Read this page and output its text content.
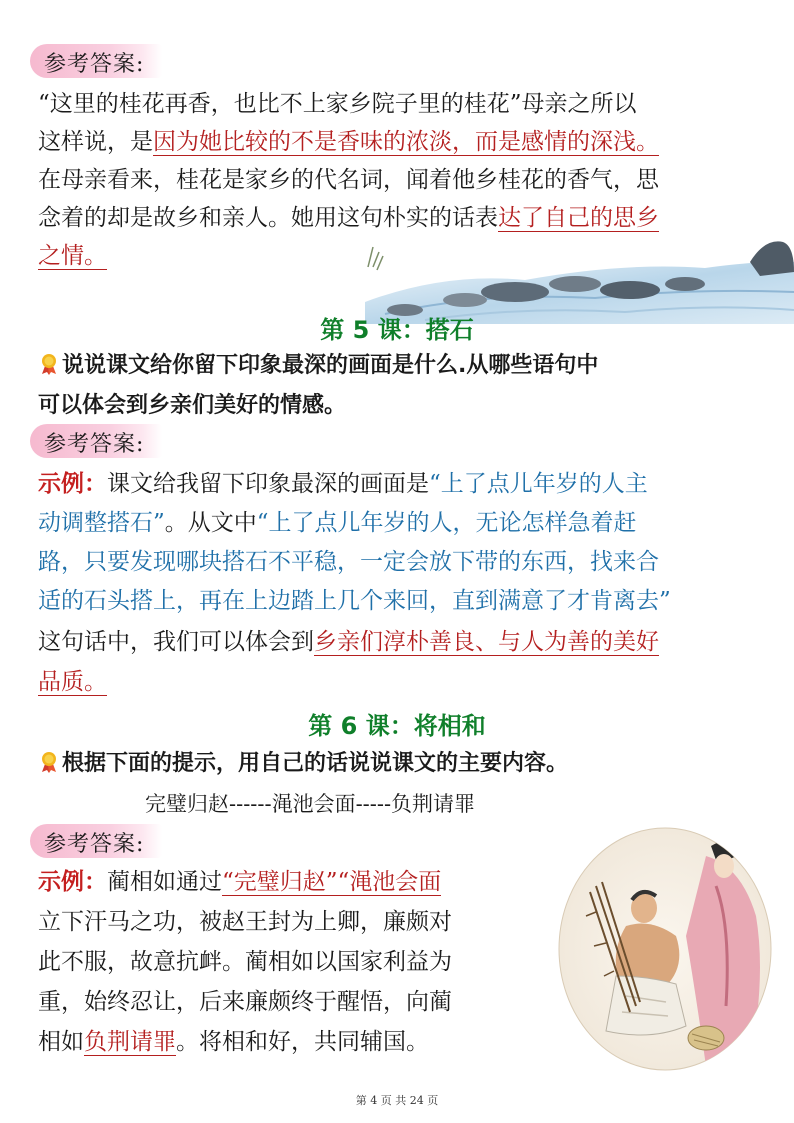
参考答案:
“这里的桂花再香，也比不上家乡院子里的桂花”母亲之所以
这样说，是因为她比较的不是香味的浓淡，而是感情的深浅。
在母亲看来，桂花是家乡的代名词，闻着他乡桂花的香气，思
念着的却是故乡和亲人。她用这句朴实的话表达了自己的思乡
之情。
第 5 课：搭石
说说课文给你留下印象最深的画面是什么.从哪些语句中
可以体会到乡亲们美好的情感。
参考答案:
示例：课文给我留下印象最深的画面是“上了点儿年岁的人主
动调整搭石”。从文中“上了点儿年岁的人，无论怎样急着赶
路，只要发现哪块搭石不平稳，一定会放下带的东西，找来合
适的石头搭上，再在上边踏上几个来回，直到满意了才肯离去”
这句话中，我们可以体会到乡亲们淳朴善良、与人为善的美好
品质。
第 6 课：将相和
根据下面的提示，用自己的话说说课文的主要内容。
完璧归赵------渑池会面-----负荆请罪
参考答案:
示例：蔺相如通过“完璧归赵”“渑池会面
立下汗马之功，被赵王封为上卿，廉颇对
此不服，故意抗衅。蔺相如以国家利益为
重，始终忍让，后来廉颇终于醒悟，向蔺
相如负荆请罪。将相和好，共同辅国。
第 4 页 共 24 页
